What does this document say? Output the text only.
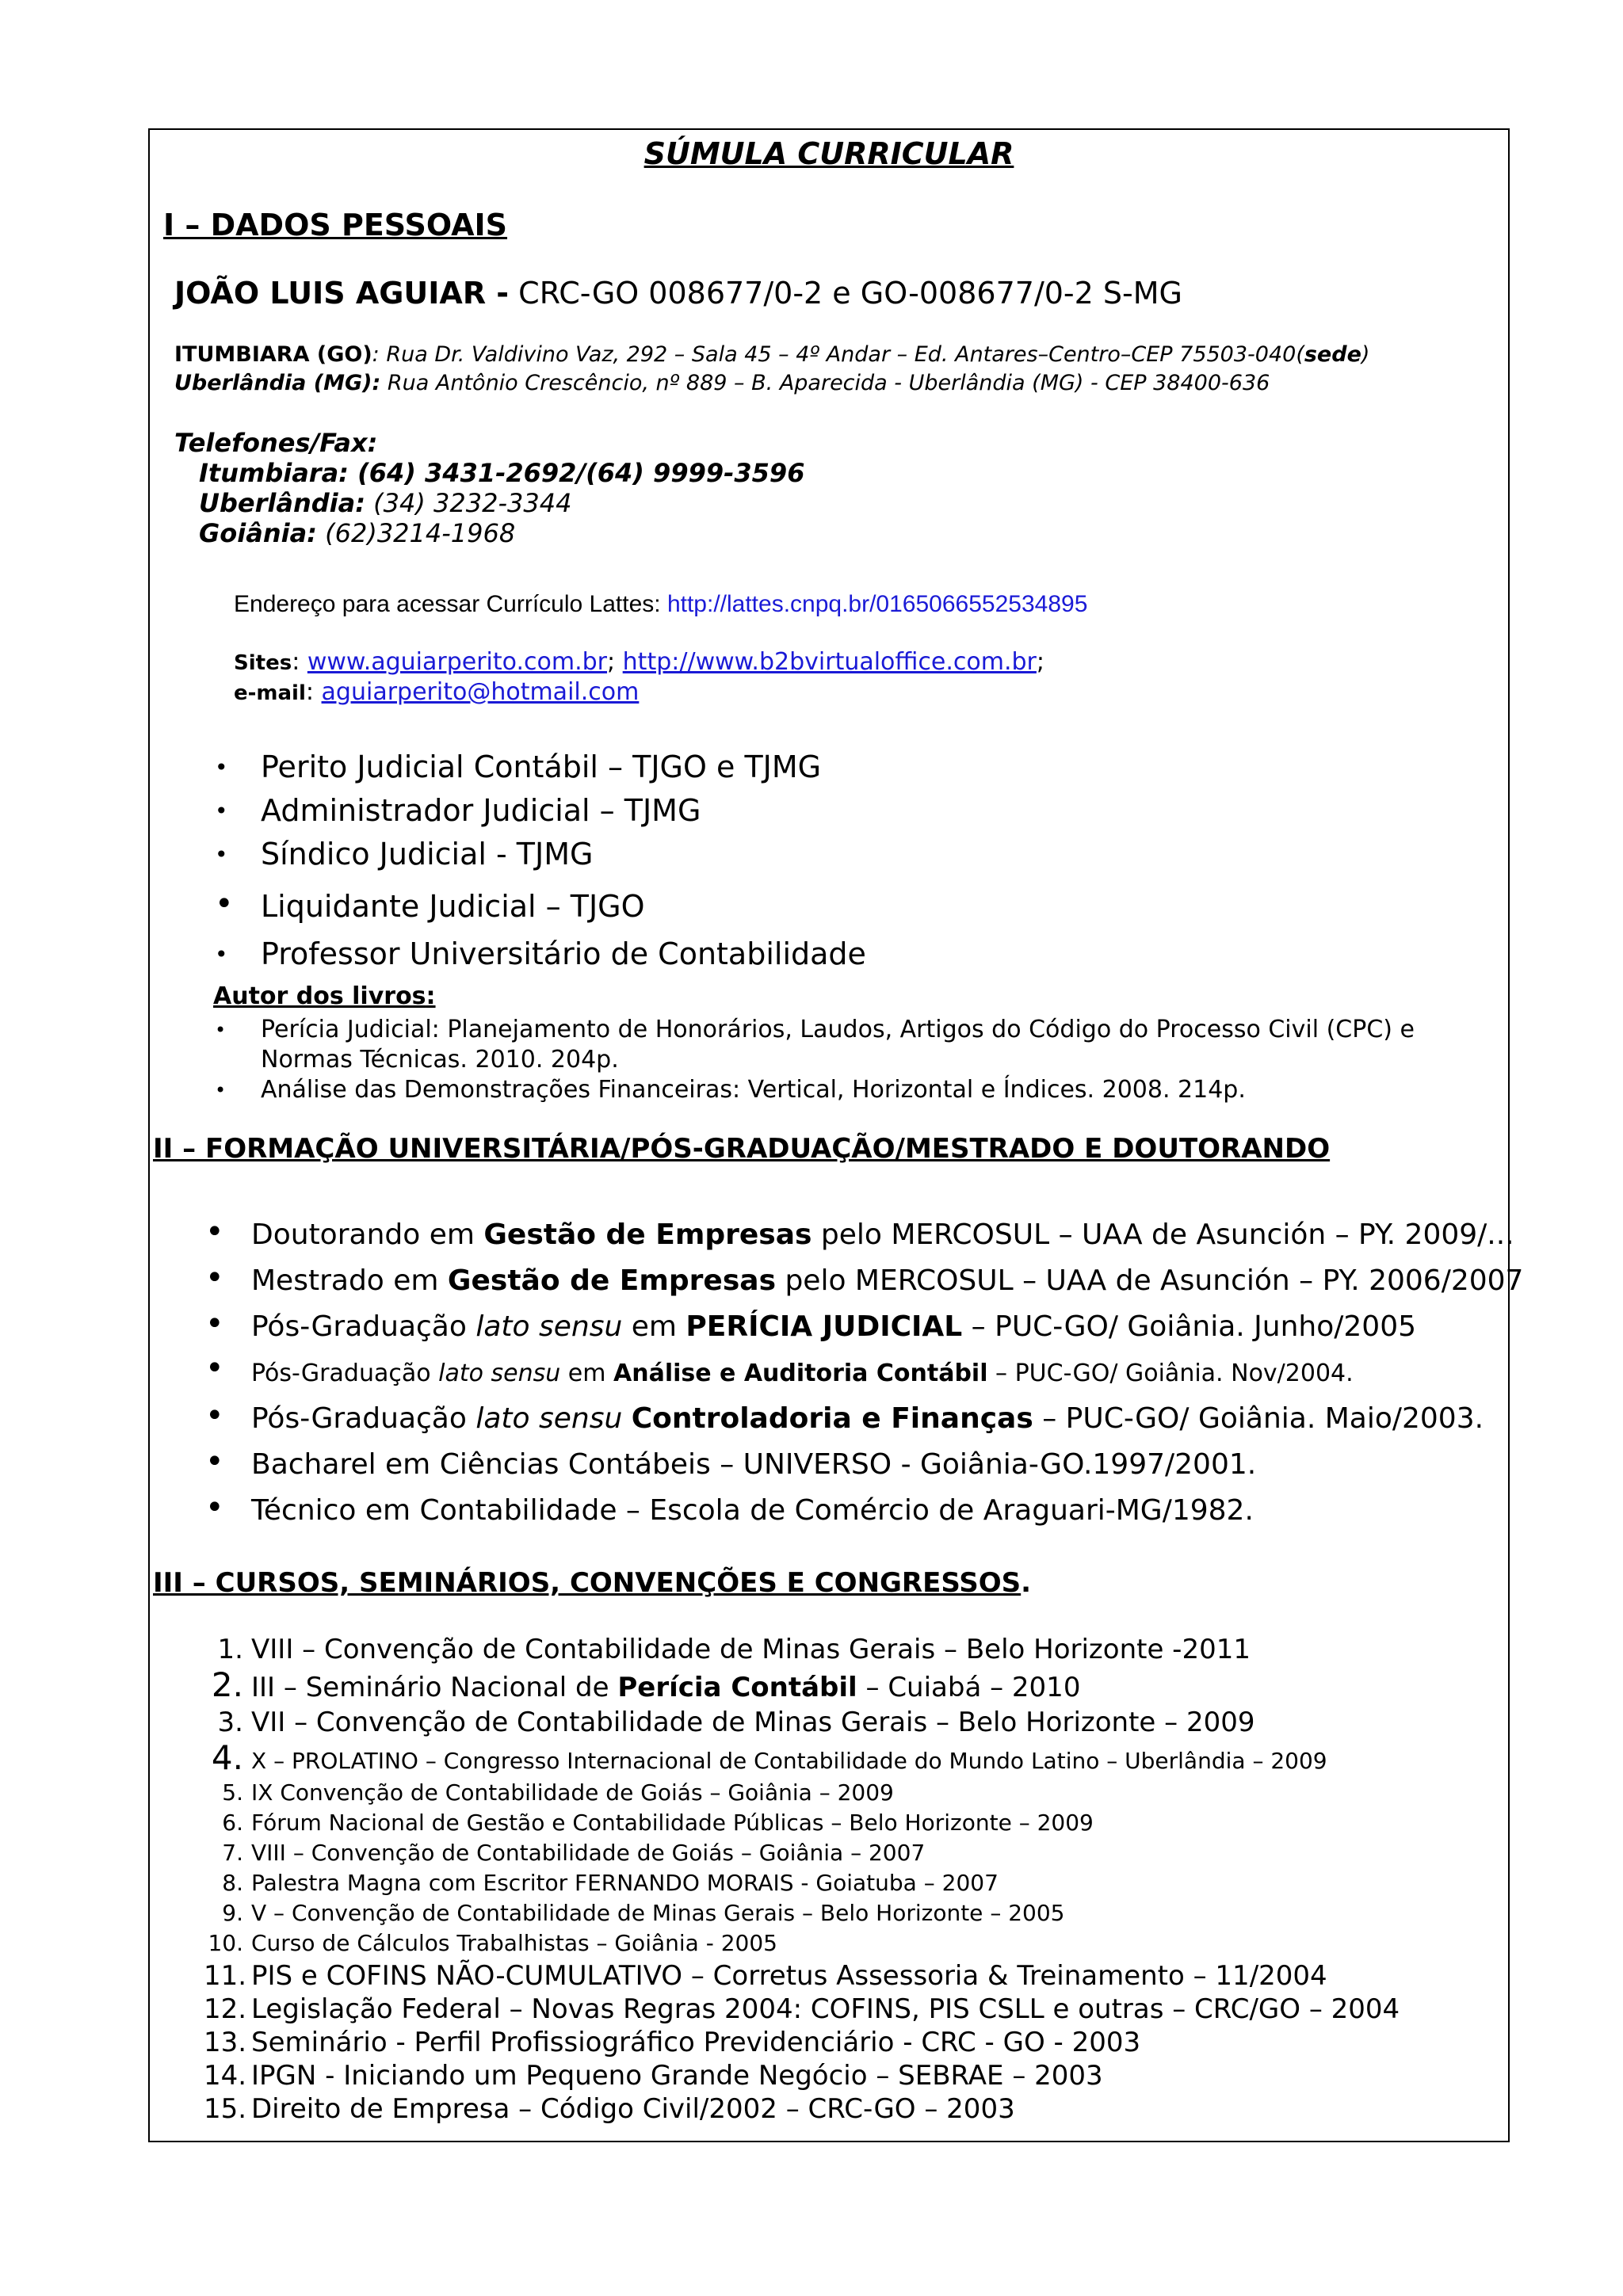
SÚMULA CURRICULAR
I – DADOS PESSOAIS
JOÃO LUIS AGUIAR - CRC-GO 008677/0-2 e GO-008677/0-2 S-MG
ITUMBIARA (GO): Rua Dr. Valdivino Vaz, 292 – Sala 45 – 4º Andar – Ed. Antares–Centro–CEP 75503-040(sede)
Uberlândia (MG): Rua Antônio Crescêncio, nº 889 – B. Aparecida - Uberlândia (MG) - CEP 38400-636
Telefones/Fax:
Itumbiara: (64) 3431-2692/(64) 9999-3596
Uberlândia: (34) 3232-3344
Goiânia: (62)3214-1968
Endereço para acessar Currículo Lattes: http://lattes.cnpq.br/0165066552534895
Sites: www.aguiarperito.com.br; http://www.b2bvirtualoffice.com.br;
e-mail: aguiarperito@hotmail.com
• Perito Judicial Contábil – TJGO e TJMG
• Administrador Judicial – TJMG
• Síndico Judicial - TJMG
• Liquidante Judicial – TJGO
• Professor Universitário de Contabilidade
Autor dos livros:
• Perícia Judicial: Planejamento de Honorários, Laudos, Artigos do Código do Processo Civil (CPC) e
Normas Técnicas. 2010. 204p.
• Análise das Demonstrações Financeiras: Vertical, Horizontal e Índices. 2008. 214p.
II – FORMAÇÃO UNIVERSITÁRIA/PÓS-GRADUAÇÃO/MESTRADO E DOUTORANDO
• Doutorando em Gestão de Empresas pelo MERCOSUL – UAA de Asunción – PY. 2009/...
• Mestrado em Gestão de Empresas pelo MERCOSUL – UAA de Asunción – PY. 2006/2007
• Pós-Graduação lato sensu em PERÍCIA JUDICIAL – PUC-GO/ Goiânia. Junho/2005
• Pós-Graduação lato sensu em Análise e Auditoria Contábil – PUC-GO/ Goiânia. Nov/2004.
• Pós-Graduação lato sensu Controladoria e Finanças – PUC-GO/ Goiânia. Maio/2003.
• Bacharel em Ciências Contábeis – UNIVERSO - Goiânia-GO.1997/2001.
• Técnico em Contabilidade – Escola de Comércio de Araguari-MG/1982.
III – CURSOS, SEMINÁRIOS, CONVENÇÕES E CONGRESSOS.
1. VIII – Convenção de Contabilidade de Minas Gerais – Belo Horizonte -2011
2. III – Seminário Nacional de Perícia Contábil – Cuiabá – 2010
3. VII – Convenção de Contabilidade de Minas Gerais – Belo Horizonte – 2009
4. X – PROLATINO – Congresso Internacional de Contabilidade do Mundo Latino – Uberlândia – 2009
5. IX Convenção de Contabilidade de Goiás – Goiânia – 2009
6. Fórum Nacional de Gestão e Contabilidade Públicas – Belo Horizonte – 2009
7. VIII – Convenção de Contabilidade de Goiás – Goiânia – 2007
8. Palestra Magna com Escritor FERNANDO MORAIS - Goiatuba – 2007
9. V – Convenção de Contabilidade de Minas Gerais – Belo Horizonte – 2005
10. Curso de Cálculos Trabalhistas – Goiânia - 2005
11. PIS e COFINS NÃO-CUMULATIVO – Corretus Assessoria & Treinamento – 11/2004
12. Legislação Federal – Novas Regras 2004: COFINS, PIS CSLL e outras – CRC/GO – 2004
13. Seminário - Perfil Profissiográfico Previdenciário - CRC - GO - 2003
14. IPGN - Iniciando um Pequeno Grande Negócio – SEBRAE – 2003
15. Direito de Empresa – Código Civil/2002 – CRC-GO – 2003
